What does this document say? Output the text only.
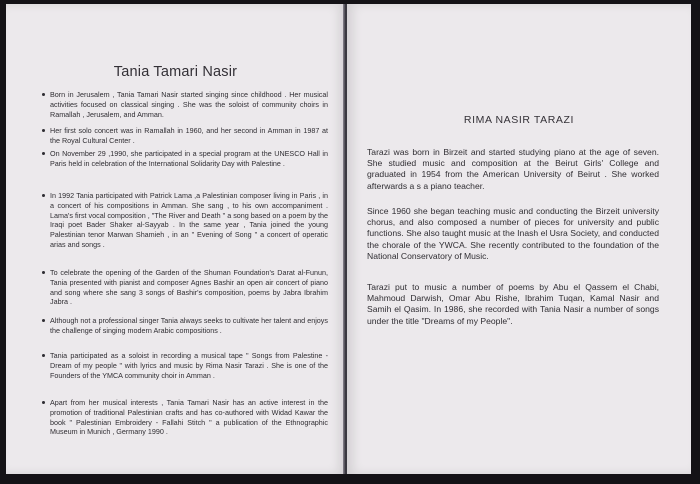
Tania Tamari Nasir
Born in Jerusalem , Tania Tamari Nasir started singing since childhood . Her musical activities focused on classical singing . She was the soloist of community choirs in Ramallah , Jerusalem, and Amman.
Her first solo concert was in Ramallah in 1960, and her second in Amman in 1987 at the Royal Cultural Center .
On November 29 ,1990, she participated in a special program at the UNESCO Hall in Paris held in celebration of the International Solidarity Day with Palestine .
In 1992 Tania participated with Patrick Lama ,a Palestinian composer living in Paris , in a concert of his compositions in Amman. She sang , to his own accompaniment . Lama's first vocal composition , "The River and Death " a song based on a poem by the Iraqi poet Bader Shaker al-Sayyab . In the same year , Tania joined the young Palestinian tenor Marwan Shamieh , in an " Evening of Song " a concert of operatic arias and songs .
To celebrate the opening of the Garden of the Shuman Foundation's Darat al-Funun, Tania presented with pianist and composer Agnes Bashir an open air concert of piano and song where she sang 3 songs of Bashir's composition, poems by Jabra Ibrahim Jabra .
Although not a professional singer Tania always seeks to cultivate her talent and enjoys the challenge of singing modern Arabic compositions .
Tania participated as a soloist in recording a musical tape " Songs from Palestine - Dream of my people " with lyrics and music by Rima Nasir Tarazi . She is one of the Founders of the YMCA community choir in Amman .
Apart from her musical interests , Tania Tamari Nasir has an active interest in the promotion of traditional Palestinian crafts and has co-authored with Widad Kawar the book " Palestinian Embroidery - Fallahi Stitch " a publication of the Ethnographic Museum in Munich , Germany 1990 .
RIMA NASIR TARAZI

Tarazi was born in Birzeit and started studying piano at the age of seven. She studied music and composition at the Beirut Girls' College and graduated in 1954 from the American University of Beirut . She worked afterwards a s a piano teacher.

Since 1960 she began teaching music and conducting the Birzeit university chorus, and also composed a number of pieces for university and public functions. She also taught music at the Inash el Usra Society, and conducted the chorale of the YWCA. She recently contributed to the foundation of the National Conservatory of Music.

Tarazi put to music a number of poems by Abu el Qassem el Chabi, Mahmoud Darwish, Omar Abu Rishe, Ibrahim Tuqan, Kamal Nasir and Samih el Qasim. In 1986, she recorded with Tania Nasir a number of songs under the title "Dreams of my People".
